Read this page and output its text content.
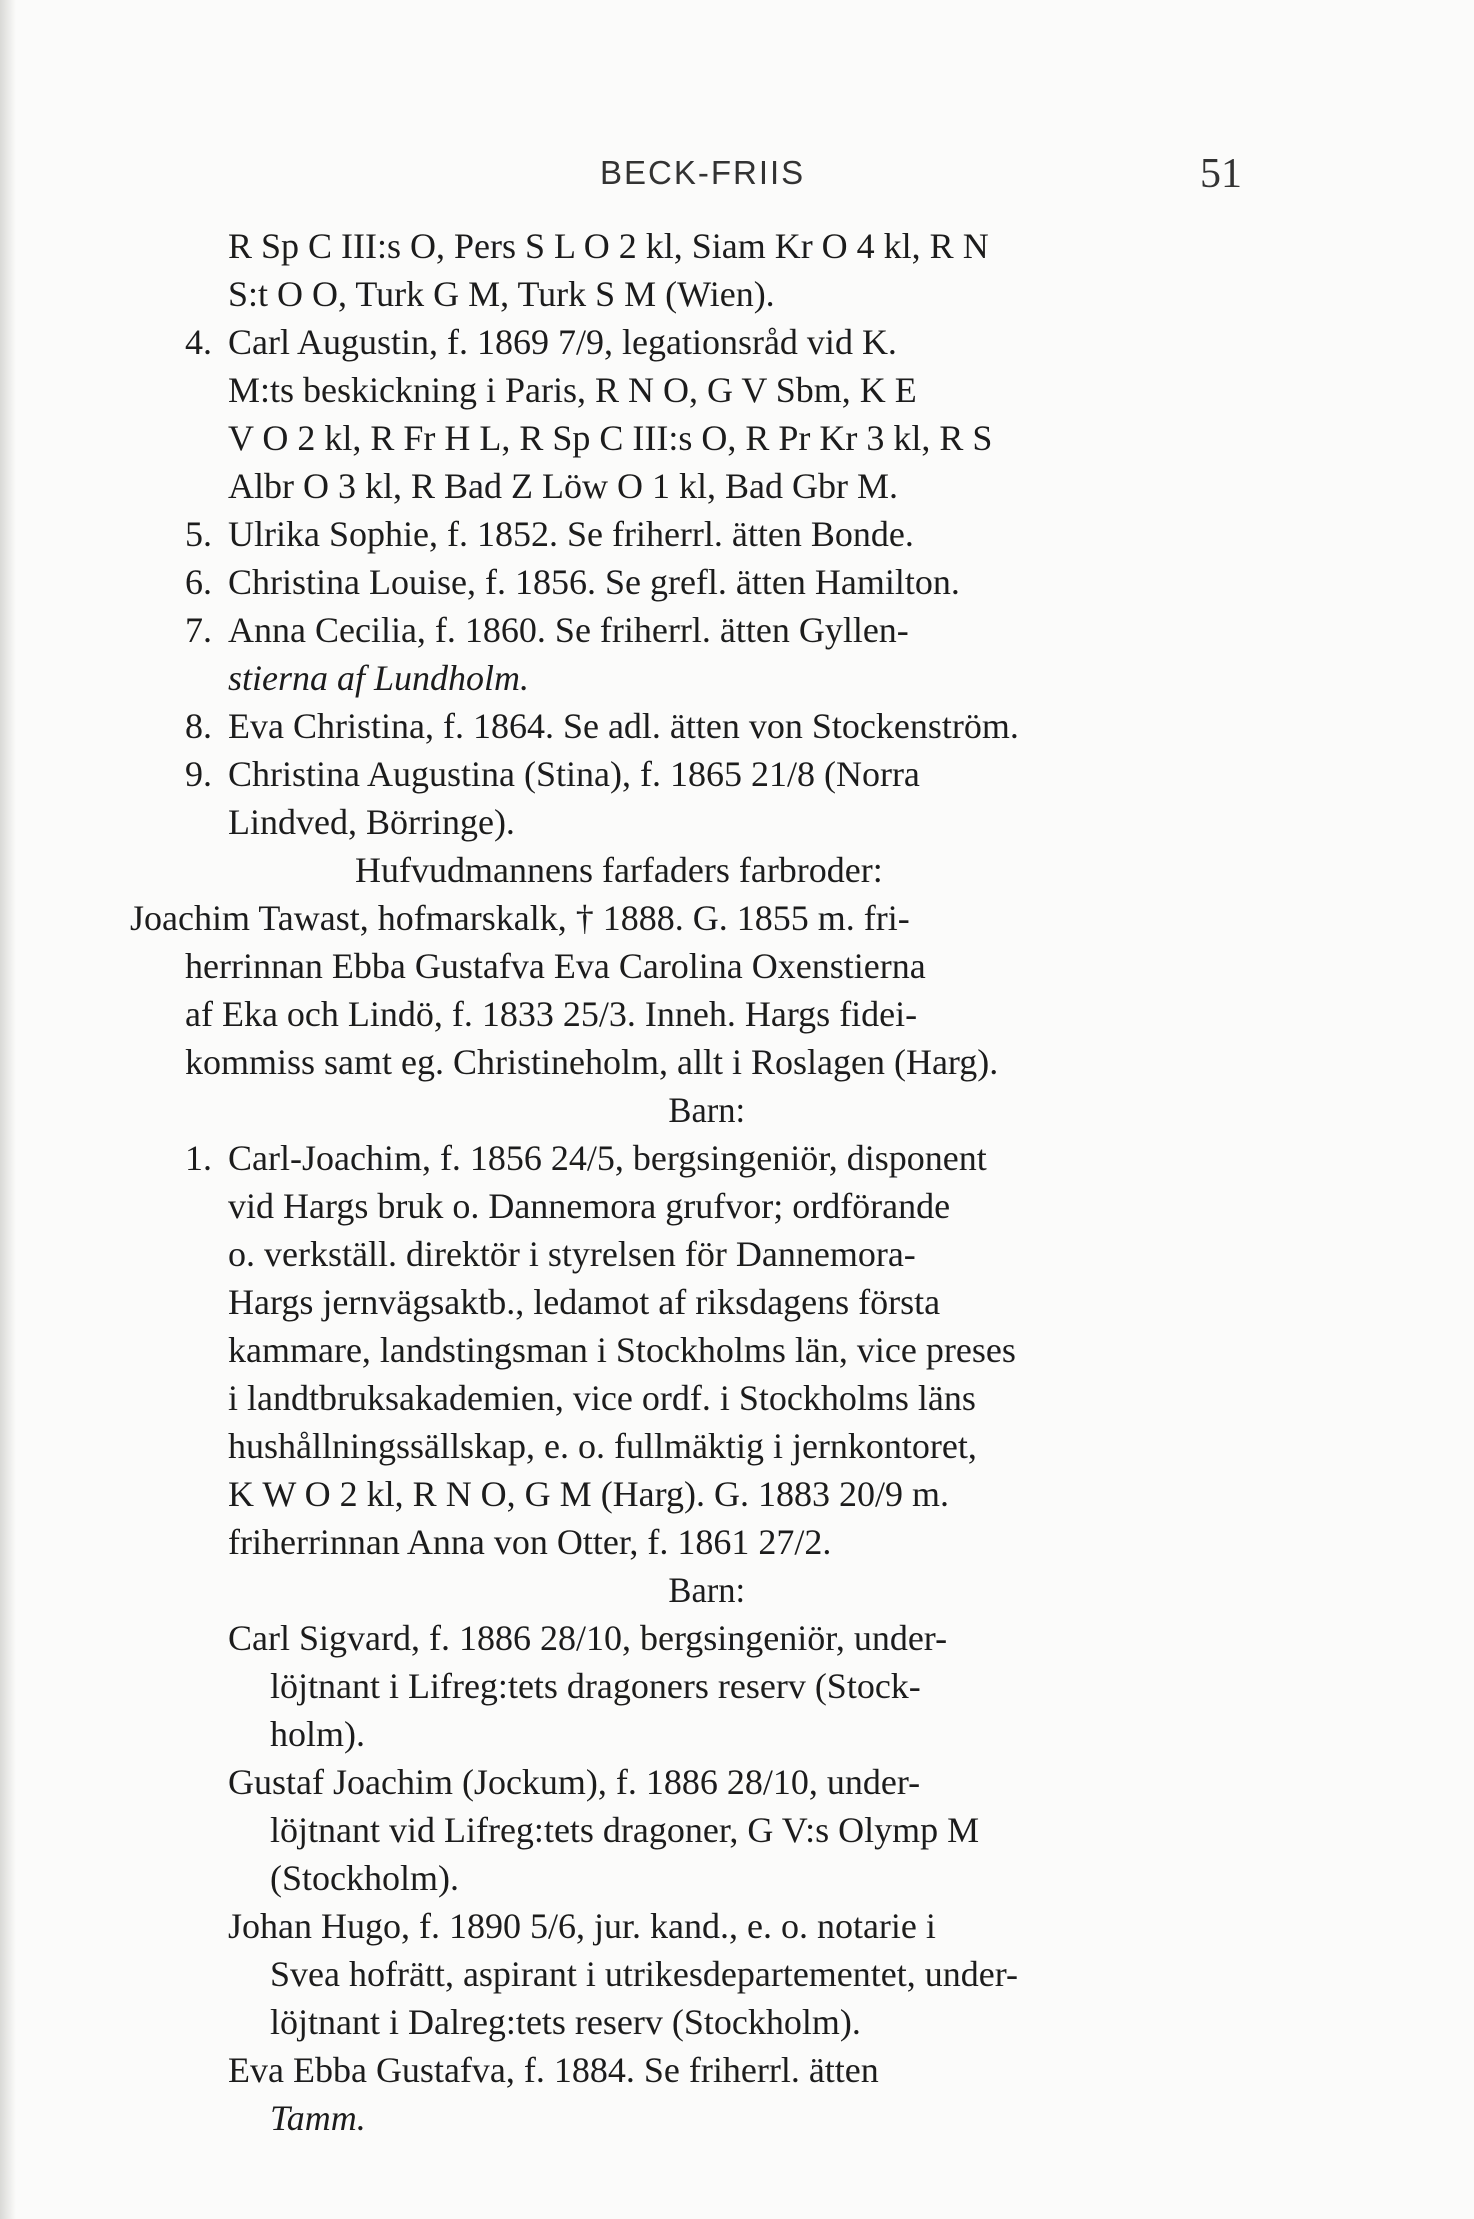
BECK-FRIIS	51
R Sp C III:s O, Pers S L O 2 kl, Siam Kr O 4 kl, R N
S:t O O, Turk G M, Turk S M (Wien).
4. Carl Augustin, f. 1869 7/9, legationsråd vid K.
M:ts beskickning i Paris, R N O, G V Sbm, K E
V O 2 kl, R Fr H L, R Sp C III:s O, R Pr Kr 3 kl, R S
Albr O 3 kl, R Bad Z Löw O 1 kl, Bad Gbr M.
5. Ulrika Sophie, f. 1852. Se friherrl. ätten Bonde.
6. Christina Louise, f. 1856. Se grefl. ätten Hamilton.
7. Anna Cecilia, f. 1860. Se friherrl. ätten Gyllen-
stierna af Lundholm.
8. Eva Christina, f. 1864. Se adl. ätten von Stockenström.
9. Christina Augustina (Stina), f. 1865 21/8 (Norra
Lindved, Börringe).
Hufvudmannens farfaders farbroder:
Joachim Tawast, hofmarskalk, † 1888. G. 1855 m. fri-
herrinnan Ebba Gustafva Eva Carolina Oxenstierna
af Eka och Lindö, f. 1833 25/3. Inneh. Hargs fidei-
kommiss samt eg. Christineholm, allt i Roslagen (Harg).
Barn:
1. Carl-Joachim, f. 1856 24/5, bergsingeniör, disponent
vid Hargs bruk o. Dannemora grufvor; ordförande
o. verkställ. direktör i styrelsen för Dannemora-
Hargs jernvägsaktb., ledamot af riksdagens första
kammare, landstingsman i Stockholms län, vice preses
i landtbruksakademien, vice ordf. i Stockholms läns
hushållningssällskap, e. o. fullmäktig i jernkontoret,
K W O 2 kl, R N O, G M (Harg). G. 1883 20/9 m.
friherrinnan Anna von Otter, f. 1861 27/2.
Barn:
Carl Sigvard, f. 1886 28/10, bergsingeniör, under-
löjtnant i Lifreg:tets dragoners reserv (Stock-
holm).
Gustaf Joachim (Jockum), f. 1886 28/10, under-
löjtnant vid Lifreg:tets dragoner, G V:s Olymp M
(Stockholm).
Johan Hugo, f. 1890 5/6, jur. kand., e. o. notarie i
Svea hofrätt, aspirant i utrikesdepartementet, under-
löjtnant i Dalreg:tets reserv (Stockholm).
Eva Ebba Gustafva, f. 1884. Se friherrl. ätten
Tamm.
